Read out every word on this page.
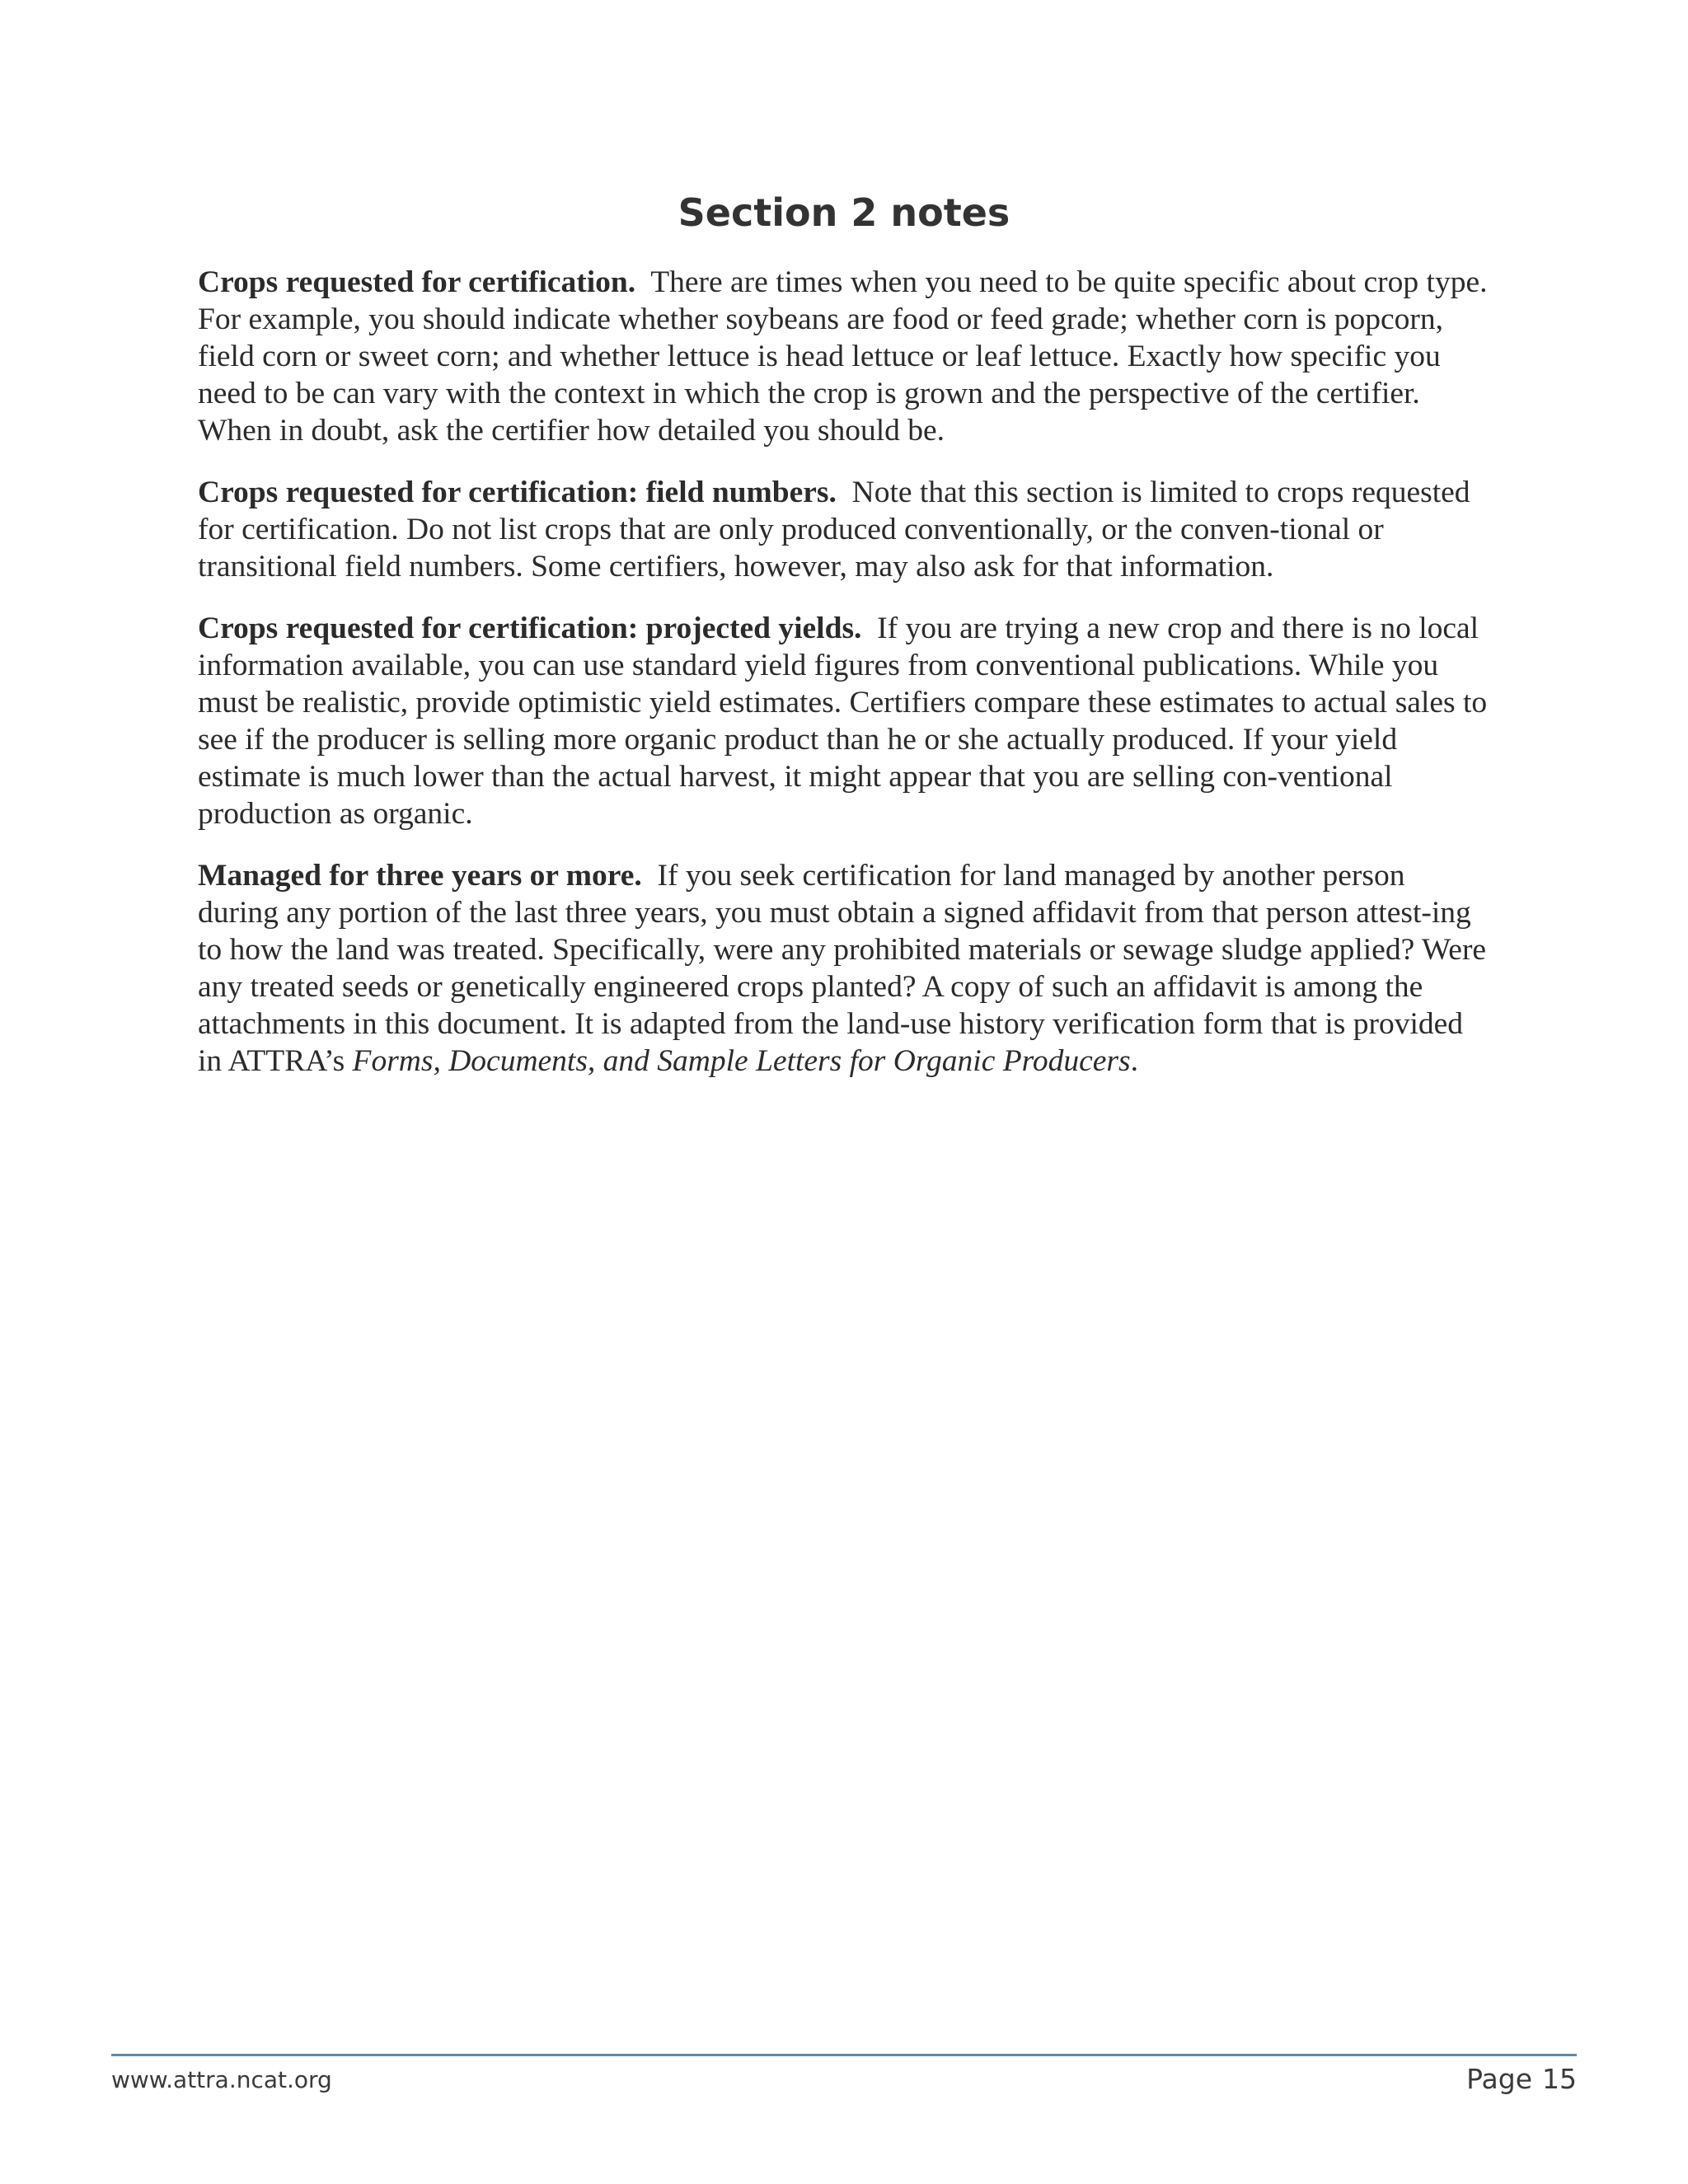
Section 2 notes

Crops requested for certification. There are times when you need to be quite specific about crop type. For example, you should indicate whether soybeans are food or feed grade; whether corn is popcorn, field corn or sweet corn; and whether lettuce is head lettuce or leaf lettuce. Exactly how specific you need to be can vary with the context in which the crop is grown and the perspective of the certifier. When in doubt, ask the certifier how detailed you should be.

Crops requested for certification: field numbers. Note that this section is limited to crops requested for certification. Do not list crops that are only produced conventionally, or the conven-tional or transitional field numbers. Some certifiers, however, may also ask for that information.

Crops requested for certification: projected yields. If you are trying a new crop and there is no local information available, you can use standard yield figures from conventional publications. While you must be realistic, provide optimistic yield estimates. Certifiers compare these estimates to actual sales to see if the producer is selling more organic product than he or she actually produced. If your yield estimate is much lower than the actual harvest, it might appear that you are selling con-ventional production as organic.

Managed for three years or more. If you seek certification for land managed by another person during any portion of the last three years, you must obtain a signed affidavit from that person attest-ing to how the land was treated. Specifically, were any prohibited materials or sewage sludge applied? Were any treated seeds or genetically engineered crops planted? A copy of such an affidavit is among the attachments in this document. It is adapted from the land-use history verification form that is provided in ATTRA’s Forms, Documents, and Sample Letters for Organic Producers.

www.attra.ncat.org	Page 15
